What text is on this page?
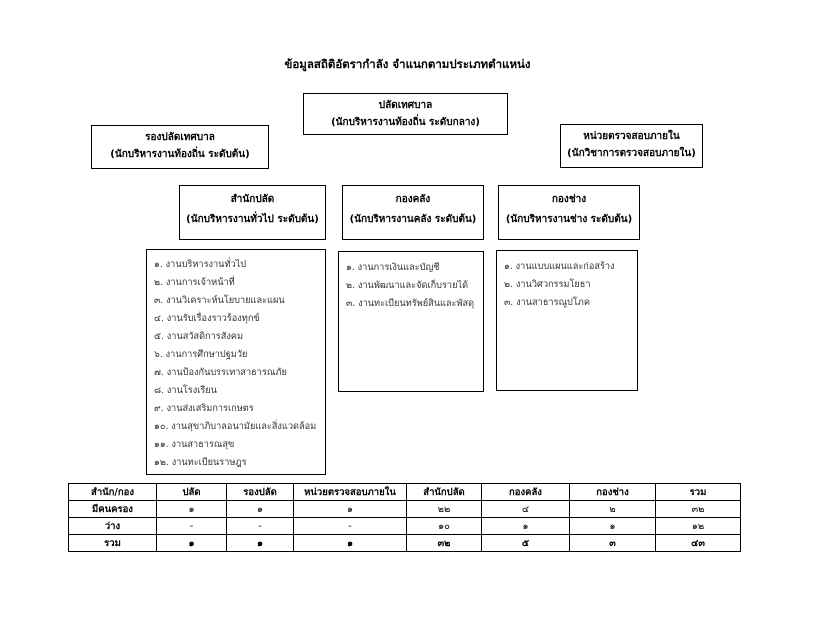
ข้อมูลสถิติอัตรากำลัง จำแนกตามประเภทตำแหน่ง
ปลัดเทศบาล
(นักบริหารงานท้องถิ่น ระดับกลาง)
รองปลัดเทศบาล
(นักบริหารงานท้องถิ่น ระดับต้น)
หน่วยตรวจสอบภายใน
(นักวิชาการตรวจสอบภายใน)
สำนักปลัด
(นักบริหารงานทั่วไป ระดับต้น)
กองคลัง
(นักบริหารงานคลัง ระดับต้น)
กองช่าง
(นักบริหารงานช่าง ระดับต้น)
๑. งานบริหารงานทั่วไป
๒. งานการเจ้าหน้าที่
๓. งานวิเคราะห์นโยบายและแผน
๔. งานรับเรื่องราวร้องทุกข์
๕. งานสวัสดิการสังคม
๖. งานการศึกษาปฐมวัย
๗. งานป้องกันบรรเทาสาธารณภัย
๘. งานโรงเรียน
๙. งานส่งเสริมการเกษตร
๑๐. งานสุขาภิบาลอนามัยและสิ่งแวดล้อม
๑๑. งานสาธารณสุข
๑๒. งานทะเบียนราษฎร
๑. งานการเงินและบัญชี
๒. งานพัฒนาและจัดเก็บรายได้
๓. งานทะเบียนทรัพย์สินและพัสดุ
๑. งานแบบแผนและก่อสร้าง
๒. งานวิศวกรรมโยธา
๓. งานสาธารณูปโภค
สำนัก/กอง	ปลัด	รองปลัด	หน่วยตรวจสอบภายใน	สำนักปลัด	กองคลัง	กองช่าง	รวม
มีคนครอง	๑	๑	๑	๒๒	๔	๒	๓๒
ว่าง	-	-	-	๑๐	๑	๑	๑๒
รวม	๑	๑	๑	๓๒	๕	๓	๔๓
